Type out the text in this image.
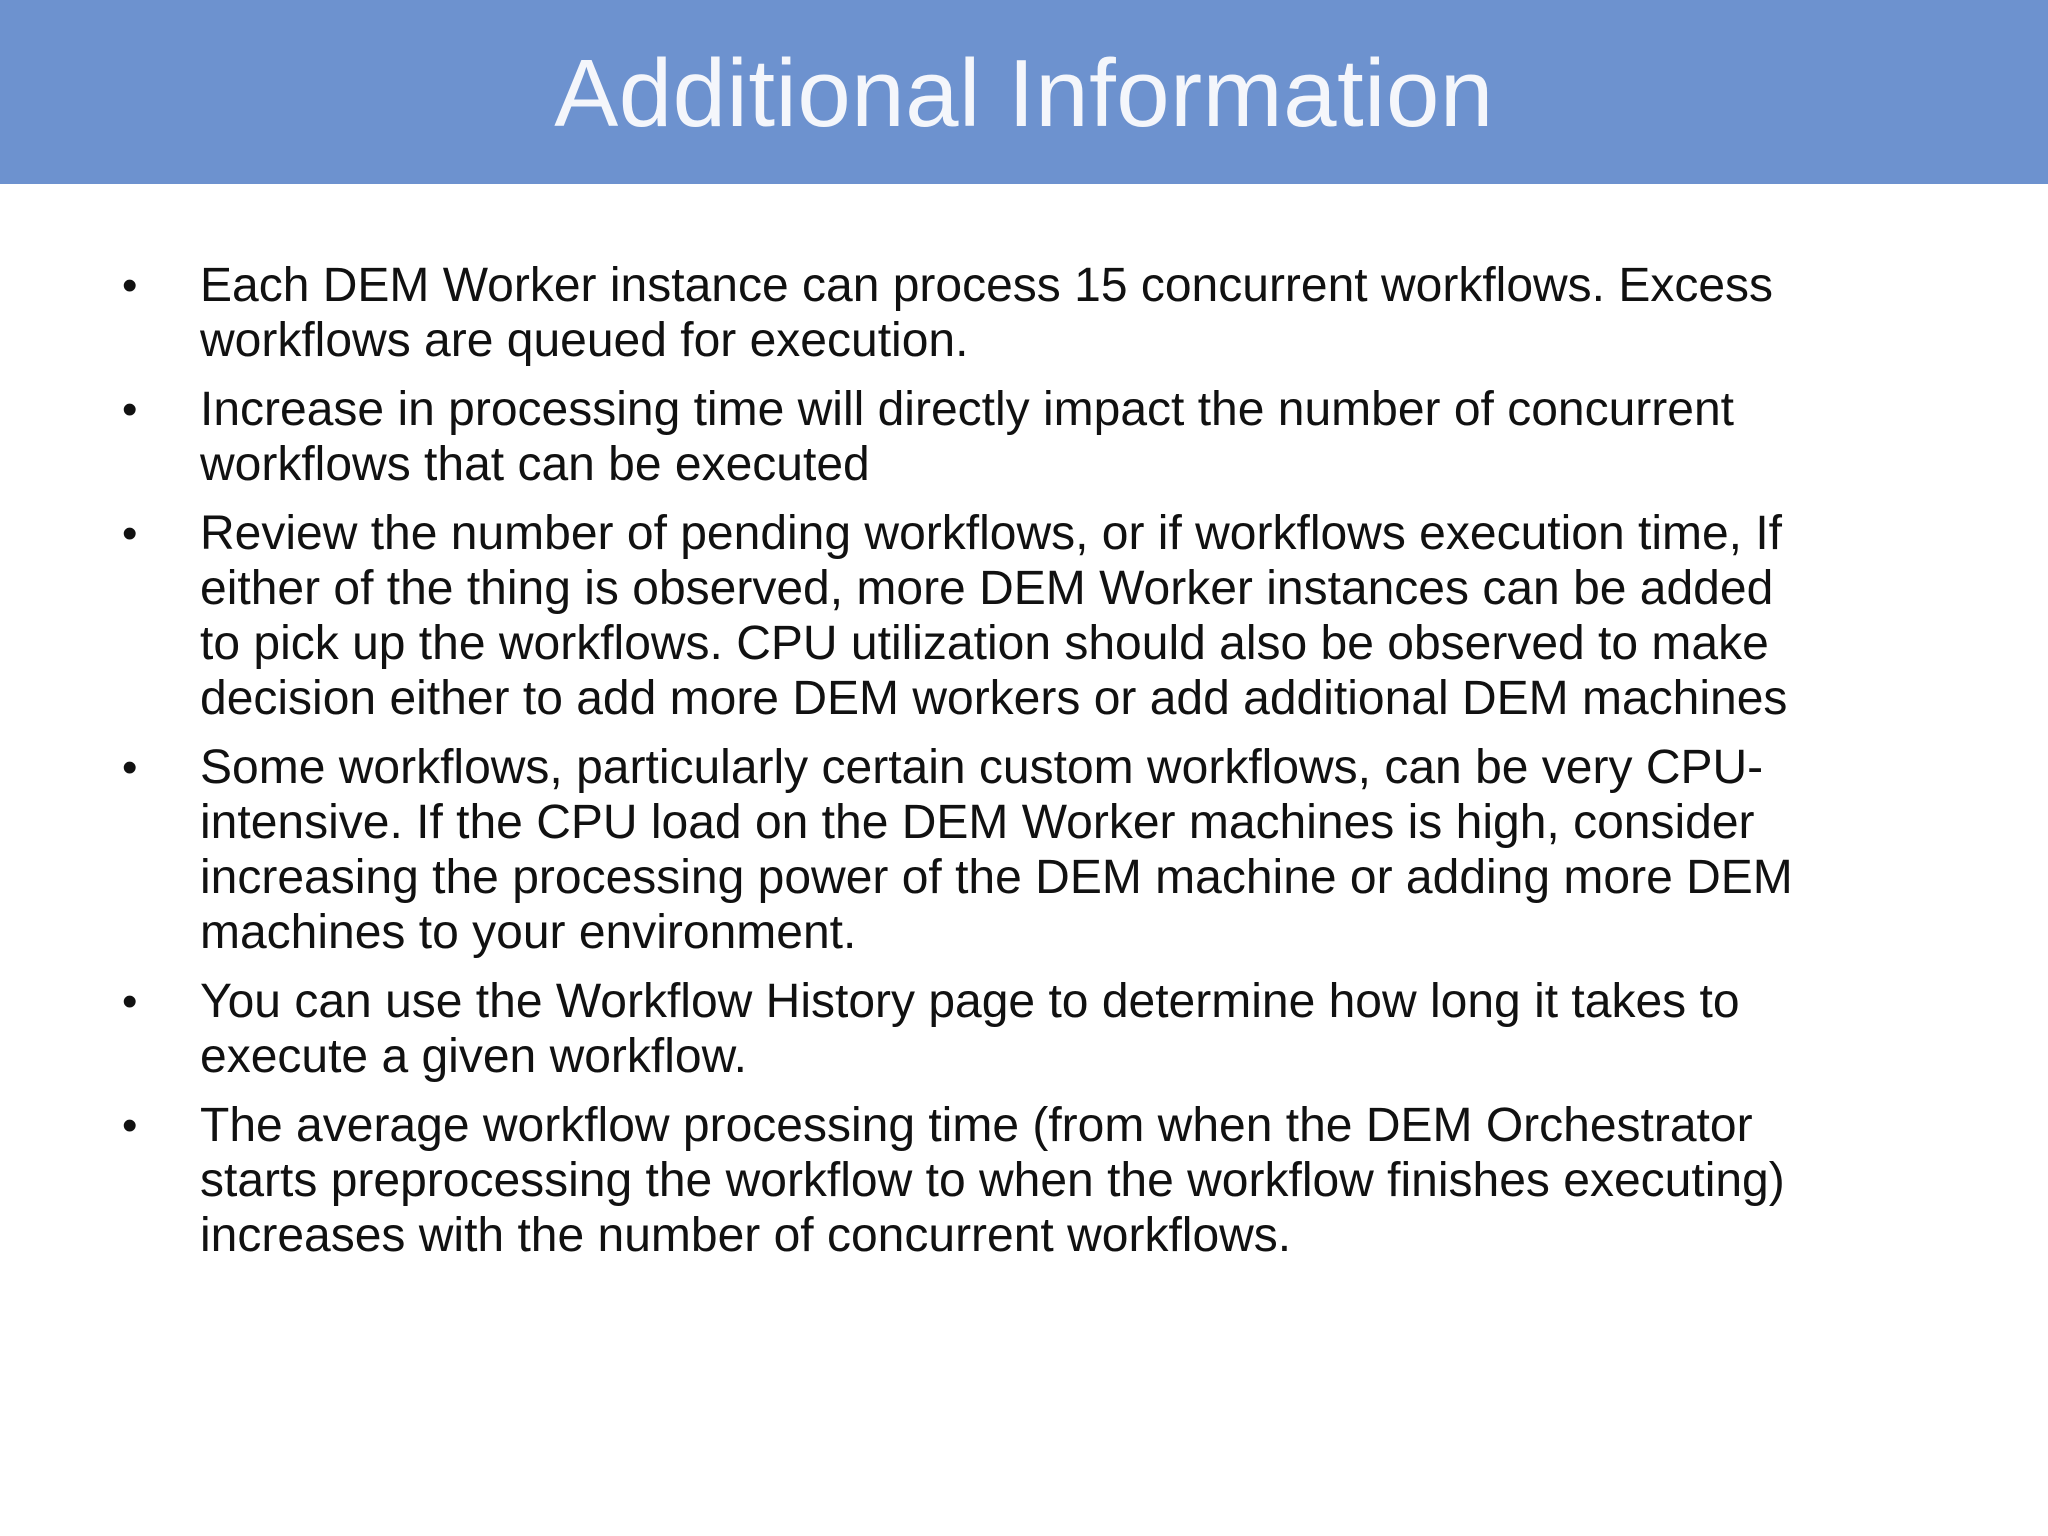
Additional Information
• Each DEM Worker instance can process 15 concurrent workflows. Excess
workflows are queued for execution.
• Increase in processing time will directly impact the number of concurrent
workflows that can be executed
• Review the number of pending workflows, or if workflows execution time, If
either of the thing is observed, more DEM Worker instances can be added
to pick up the workflows. CPU utilization should also be observed to make
decision either to add more DEM workers or add additional DEM machines
• Some workflows, particularly certain custom workflows, can be very CPU-
intensive. If the CPU load on the DEM Worker machines is high, consider
increasing the processing power of the DEM machine or adding more DEM
machines to your environment.
• You can use the Workflow History page to determine how long it takes to
execute a given workflow.
• The average workflow processing time (from when the DEM Orchestrator
starts preprocessing the workflow to when the workflow finishes executing)
increases with the number of concurrent workflows.
